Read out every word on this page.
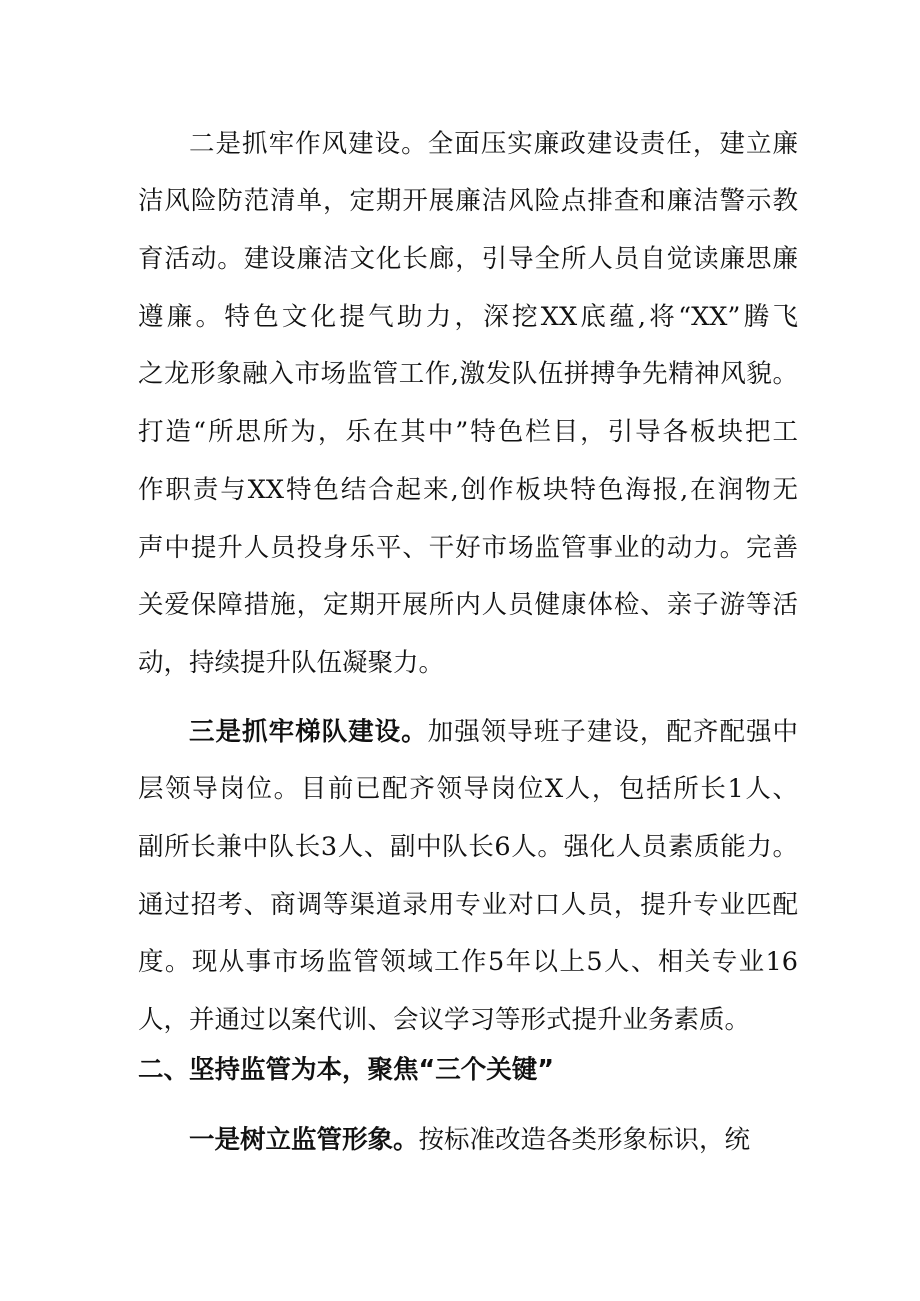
二是抓牢作风建设。全面压实廉政建设责任，建立廉
洁风险防范清单，定期开展廉洁风险点排查和廉洁警示教
育活动。建设廉洁文化长廊，引导全所人员自觉读廉思廉
遵廉。特色文化提气助力，深挖XX底蕴,将“XX”腾飞
之龙形象融入市场监管工作,激发队伍拼搏争先精神风貌。
打造“所思所为，乐在其中”特色栏目，引导各板块把工
作职责与XX特色结合起来,创作板块特色海报,在润物无
声中提升人员投身乐平、干好市场监管事业的动力。完善
关爱保障措施，定期开展所内人员健康体检、亲子游等活
动，持续提升队伍凝聚力。
三是抓牢梯队建设。加强领导班子建设，配齐配强中
层领导岗位。目前已配齐领导岗位X人，包括所长1人、
副所长兼中队长3人、副中队长6人。强化人员素质能力。
通过招考、商调等渠道录用专业对口人员，提升专业匹配
度。现从事市场监管领域工作5年以上5人、相关专业16
人，并通过以案代训、会议学习等形式提升业务素质。
二、坚持监管为本，聚焦“三个关键”
一是树立监管形象。按标准改造各类形象标识，统
